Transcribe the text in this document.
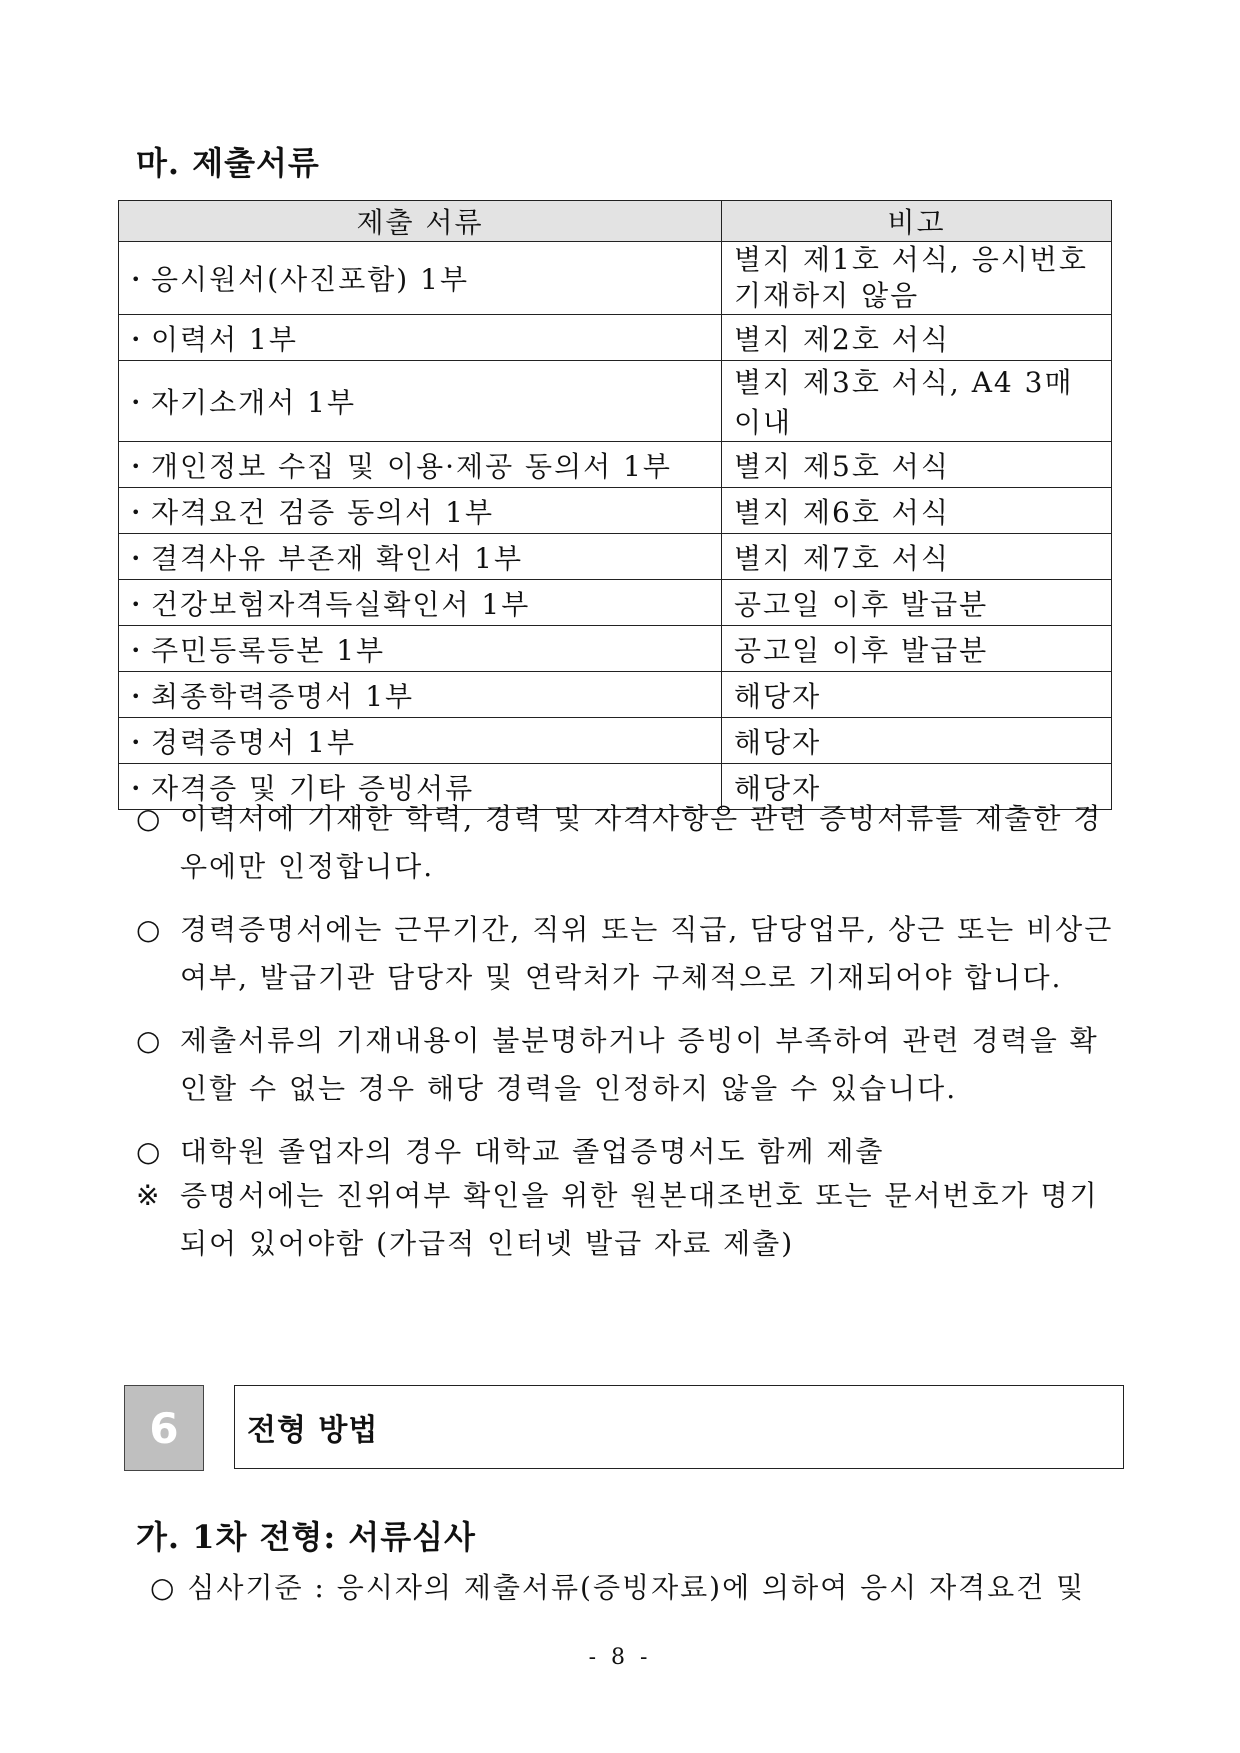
마. 제출서류
제출 서류	비고
• 응시원서(사진포함) 1부	별지 제1호 서식, 응시번호 기재하지 않음

• 이력서 1부	별지 제2호 서식
• 자기소개서 1부	별지 제3호 서식, A4 3매 이내
• 개인정보 수집 및 이용·제공 동의서 1부	별지 제5호 서식
• 자격요건 검증 동의서 1부	별지 제6호 서식
• 결격사유 부존재 확인서 1부	별지 제7호 서식
• 건강보험자격득실확인서 1부	공고일 이후 발급분
• 주민등록등본 1부	공고일 이후 발급분
• 최종학력증명서 1부	해당자
• 경력증명서 1부	해당자
• 자격증 및 기타 증빙서류	해당자
○ 이력서에 기재한 학력, 경력 및 자격사항은 관련 증빙서류를 제출한 경우에만 인정합니다.
○ 경력증명서에는 근무기간, 직위 또는 직급, 담당업무, 상근 또는 비상근 여부, 발급기관 담당자 및 연락처가 구체적으로 기재되어야 합니다.
○ 제출서류의 기재내용이 불분명하거나 증빙이 부족하여 관련 경력을 확인할 수 없는 경우 해당 경력을 인정하지 않을 수 있습니다.
○ 대학원 졸업자의 경우 대학교 졸업증명서도 함께 제출
※ 증명서에는 진위여부 확인을 위한 원본대조번호 또는 문서번호가 명기되어 있어야함 (가급적 인터넷 발급 자료 제출)
6	전형 방법
가. 1차 전형: 서류심사
○ 심사기준 : 응시자의 제출서류(증빙자료)에 의하여 응시 자격요건 및
- 8 -
